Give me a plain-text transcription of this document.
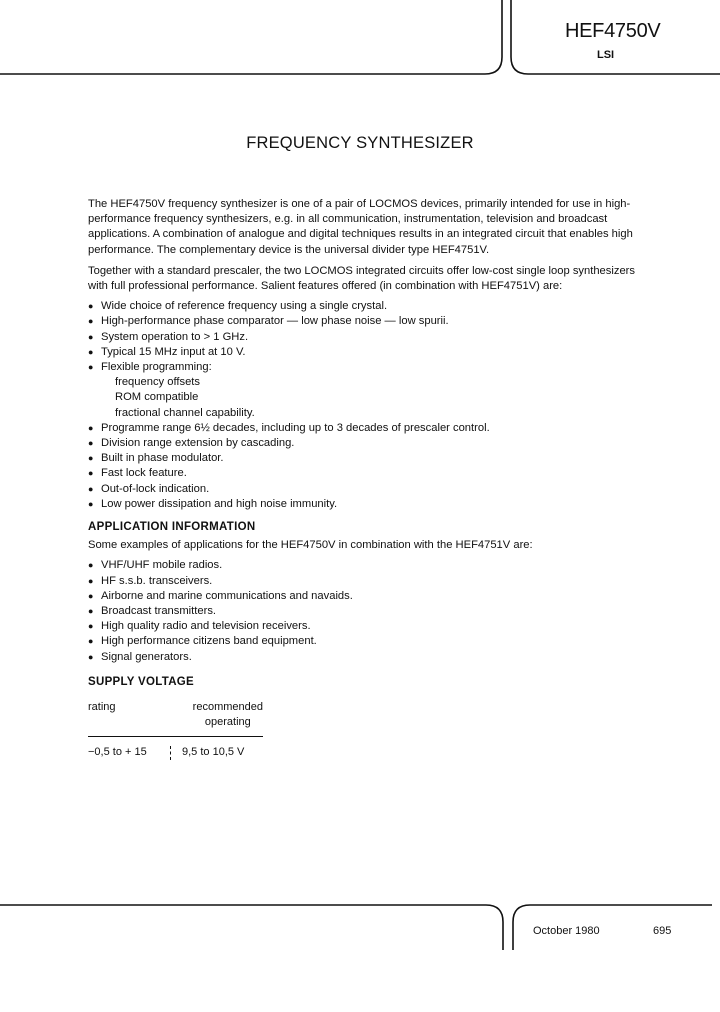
HEF4750V
LSI
FREQUENCY SYNTHESIZER

The HEF4750V frequency synthesizer is one of a pair of LOCMOS devices, primarily intended for use in high-performance frequency synthesizers, e.g. in all communication, instrumentation, television and broadcast applications. A combination of analogue and digital techniques results in an integrated circuit that enables high performance. The complementary device is the universal divider type HEF4751V.

Together with a standard prescaler, the two LOCMOS integrated circuits offer low-cost single loop synthesizers with full professional performance. Salient features offered (in combination with HEF4751V) are:

● Wide choice of reference frequency using a single crystal.
● High-performance phase comparator — low phase noise — low spurii.
● System operation to > 1 GHz.
● Typical 15 MHz input at 10 V.
● Flexible programming:
frequency offsets
ROM compatible
fractional channel capability.
● Programme range 6½ decades, including up to 3 decades of prescaler control.
● Division range extension by cascading.
● Built in phase modulator.
● Fast lock feature.
● Out-of-lock indication.
● Low power dissipation and high noise immunity.
APPLICATION INFORMATION

Some examples of applications for the HEF4750V in combination with the HEF4751V are:

● VHF/UHF mobile radios.
● HF s.s.b. transceivers.
● Airborne and marine communications and navaids.
● Broadcast transmitters.
● High quality radio and television receivers.
● High performance citizens band equipment.
● Signal generators.
SUPPLY VOLTAGE
rating	recommended
operating
−0,5 to + 15	9,5 to 10,5 V
October 1980	695
